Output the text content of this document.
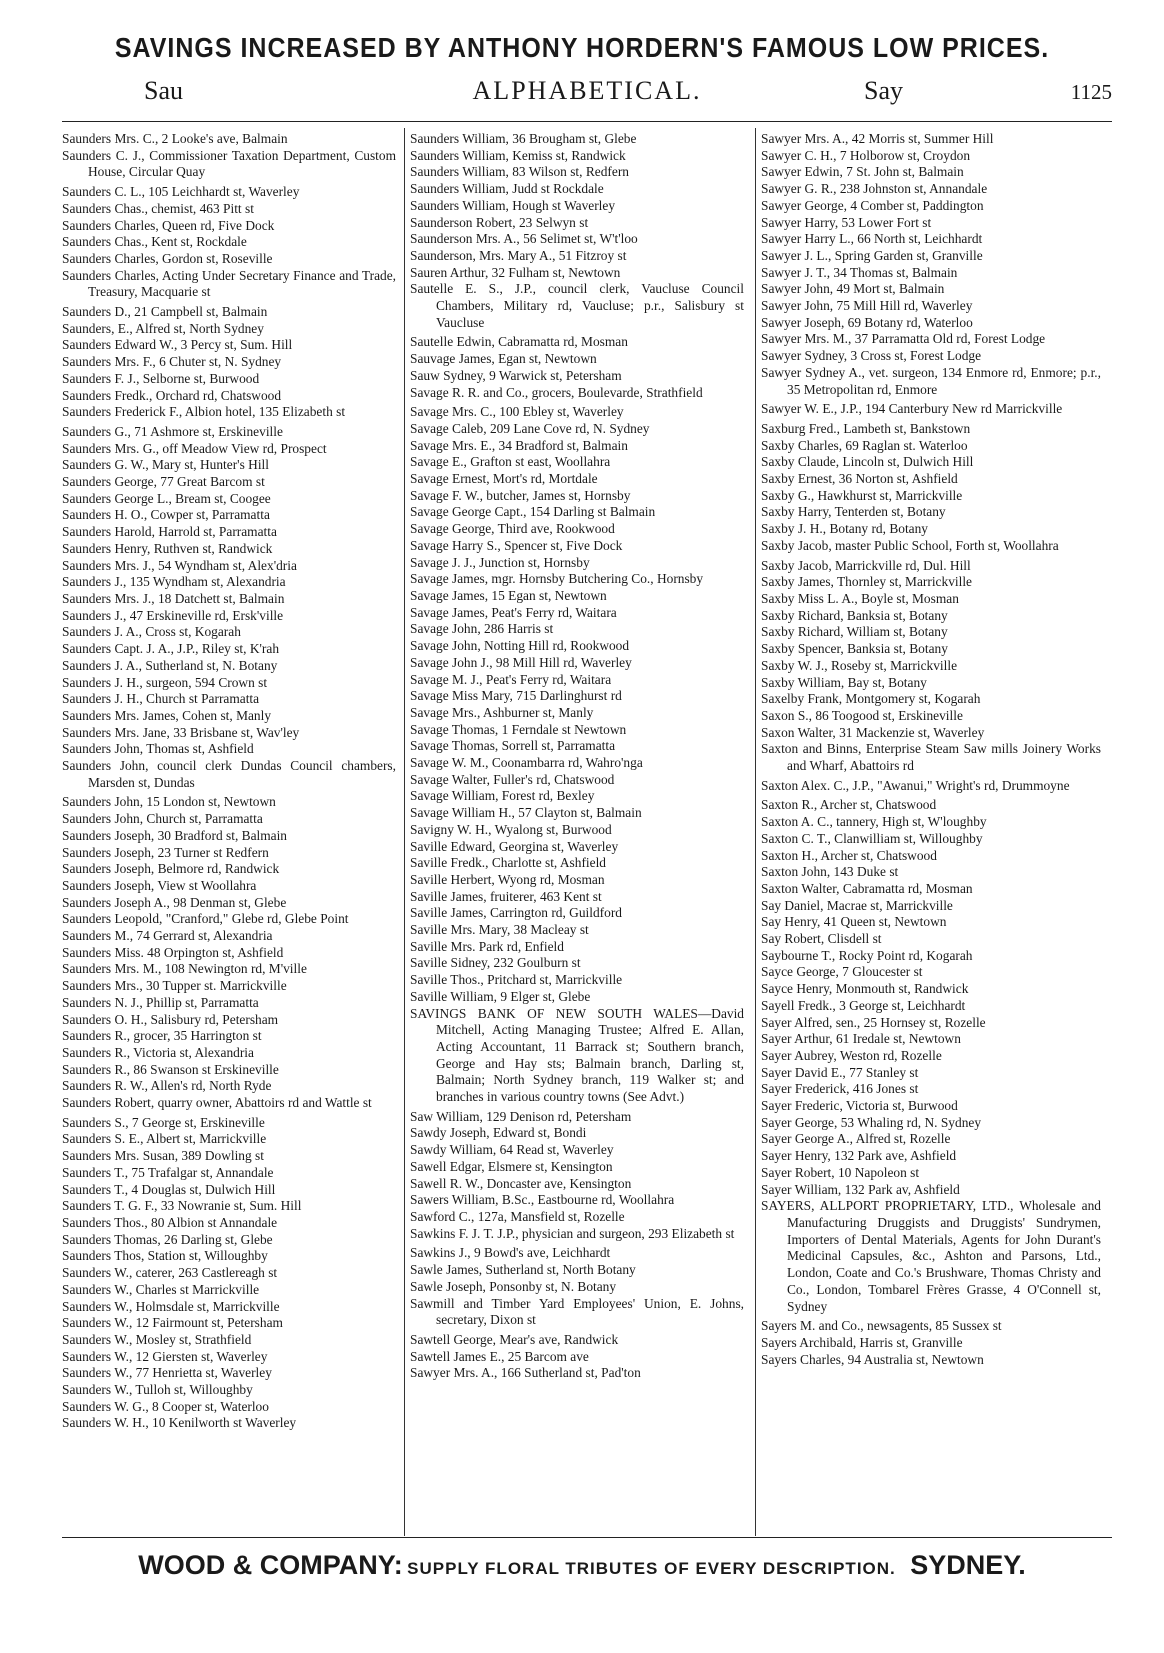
SAVINGS INCREASED BY ANTHONY HORDERN'S FAMOUS LOW PRICES.
Sau	ALPHABETICAL.	Say	1125
Saunders Mrs. C., 2 Looke's ave, Balmain
Saunders C. J., Commissioner Taxation Department, Custom House, Circular Quay
Saunders C. L., 105 Leichhardt st, Waverley
Saunders Chas., chemist, 463 Pitt st
Saunders Charles, Queen rd, Five Dock
Saunders Chas., Kent st, Rockdale
Saunders Charles, Gordon st, Roseville
Saunders Charles, Acting Under Secretary Finance and Trade, Treasury, Macquarie st
Saunders D., 21 Campbell st, Balmain
Saunders, E., Alfred st, North Sydney
Saunders Edward W., 3 Percy st, Sum. Hill
Saunders Mrs. F., 6 Chuter st, N. Sydney
Saunders F. J., Selborne st, Burwood
Saunders Fredk., Orchard rd, Chatswood
Saunders Frederick F., Albion hotel, 135 Elizabeth st
Saunders G., 71 Ashmore st, Erskineville
Saunders Mrs. G., off Meadow View rd, Prospect
Saunders G. W., Mary st, Hunter's Hill
Saunders George, 77 Great Barcom st
Saunders George L., Bream st, Coogee
Saunders H. O., Cowper st, Parramatta
Saunders Harold, Harrold st, Parramatta
Saunders Henry, Ruthven st, Randwick
Saunders Mrs. J., 54 Wyndham st, Alex'dria
Saunders J., 135 Wyndham st, Alexandria
Saunders Mrs. J., 18 Datchett st, Balmain
Saunders J., 47 Erskineville rd, Ersk'ville
Saunders J. A., Cross st, Kogarah
Saunders Capt. J. A., J.P., Riley st, K'rah
Saunders J. A., Sutherland st, N. Botany
Saunders J. H., surgeon, 594 Crown st
Saunders J. H., Church st Parramatta
Saunders Mrs. James, Cohen st, Manly
Saunders Mrs. Jane, 33 Brisbane st, Wav'ley
Saunders John, Thomas st, Ashfield
Saunders John, council clerk Dundas Council chambers, Marsden st, Dundas
Saunders John, 15 London st, Newtown
Saunders John, Church st, Parramatta
Saunders Joseph, 30 Bradford st, Balmain
Saunders Joseph, 23 Turner st Redfern
Saunders Joseph, Belmore rd, Randwick
Saunders Joseph, View st Woollahra
Saunders Joseph A., 98 Denman st, Glebe
Saunders Leopold, "Cranford," Glebe rd, Glebe Point
Saunders M., 74 Gerrard st, Alexandria
Saunders Miss. 48 Orpington st, Ashfield
Saunders Mrs. M., 108 Newington rd, M'ville
Saunders Mrs., 30 Tupper st. Marrickville
Saunders N. J., Phillip st, Parramatta
Saunders O. H., Salisbury rd, Petersham
Saunders R., grocer, 35 Harrington st
Saunders R., Victoria st, Alexandria
Saunders R., 86 Swanson st Erskineville
Saunders R. W., Allen's rd, North Ryde
Saunders Robert, quarry owner, Abattoirs rd and Wattle st
Saunders S., 7 George st, Erskineville
Saunders S. E., Albert st, Marrickville
Saunders Mrs. Susan, 389 Dowling st
Saunders T., 75 Trafalgar st, Annandale
Saunders T., 4 Douglas st, Dulwich Hill
Saunders T. G. F., 33 Nowranie st, Sum. Hill
Saunders Thos., 80 Albion st Annandale
Saunders Thomas, 26 Darling st, Glebe
Saunders Thos, Station st, Willoughby
Saunders W., caterer, 263 Castlereagh st
Saunders W., Charles st Marrickville
Saunders W., Holmsdale st, Marrickville
Saunders W., 12 Fairmount st, Petersham
Saunders W., Mosley st, Strathfield
Saunders W., 12 Giersten st, Waverley
Saunders W., 77 Henrietta st, Waverley
Saunders W., Tulloh st, Willoughby
Saunders W. G., 8 Cooper st, Waterloo
Saunders W. H., 10 Kenilworth st Waverley
Saunders William, 36 Brougham st, Glebe
Saunders William, Kemiss st, Randwick
Saunders William, 83 Wilson st, Redfern
Saunders William, Judd st Rockdale
Saunders William, Hough st Waverley
Saunderson Robert, 23 Selwyn st
Saunderson Mrs. A., 56 Selimet st, W't'loo
Saunderson, Mrs. Mary A., 51 Fitzroy st
Sauren Arthur, 32 Fulham st, Newtown
Sautelle E. S., J.P., council clerk, Vaucluse Council Chambers, Military rd, Vaucluse; p.r., Salisbury st Vaucluse
Sautelle Edwin, Cabramatta rd, Mosman
Sauvage James, Egan st, Newtown
Sauw Sydney, 9 Warwick st, Petersham
Savage R. R. and Co., grocers, Boulevarde, Strathfield
Savage Mrs. C., 100 Ebley st, Waverley
Savage Caleb, 209 Lane Cove rd, N. Sydney
Savage Mrs. E., 34 Bradford st, Balmain
Savage E., Grafton st east, Woollahra
Savage Ernest, Mort's rd, Mortdale
Savage F. W., butcher, James st, Hornsby
Savage George Capt., 154 Darling st Balmain
Savage George, Third ave, Rookwood
Savage Harry S., Spencer st, Five Dock
Savage J. J., Junction st, Hornsby
Savage James, mgr. Hornsby Butchering Co., Hornsby
Savage James, 15 Egan st, Newtown
Savage James, Peat's Ferry rd, Waitara
Savage John, 286 Harris st
Savage John, Notting Hill rd, Rookwood
Savage John J., 98 Mill Hill rd, Waverley
Savage M. J., Peat's Ferry rd, Waitara
Savage Miss Mary, 715 Darlinghurst rd
Savage Mrs., Ashburner st, Manly
Savage Thomas, 1 Ferndale st Newtown
Savage Thomas, Sorrell st, Parramatta
Savage W. M., Coonambarra rd, Wahro'nga
Savage Walter, Fuller's rd, Chatswood
Savage William, Forest rd, Bexley
Savage William H., 57 Clayton st, Balmain
Savigny W. H., Wyalong st, Burwood
Saville Edward, Georgina st, Waverley
Saville Fredk., Charlotte st, Ashfield
Saville Herbert, Wyong rd, Mosman
Saville James, fruiterer, 463 Kent st
Saville James, Carrington rd, Guildford
Saville Mrs. Mary, 38 Macleay st
Saville Mrs. Park rd, Enfield
Saville Sidney, 232 Goulburn st
Saville Thos., Pritchard st, Marrickville
Saville William, 9 Elger st, Glebe
SAVINGS BANK OF NEW SOUTH WALES—David Mitchell, Acting Managing Trustee; Alfred E. Allan, Acting Accountant, 11 Barrack st; Southern branch, George and Hay sts; Balmain branch, Darling st, Balmain; North Sydney branch, 119 Walker st; and branches in various country towns (See Advt.)
Saw William, 129 Denison rd, Petersham
Sawdy Joseph, Edward st, Bondi
Sawdy William, 64 Read st, Waverley
Sawell Edgar, Elsmere st, Kensington
Sawell R. W., Doncaster ave, Kensington
Sawers William, B.Sc., Eastbourne rd, Woollahra
Sawford C., 127a, Mansfield st, Rozelle
Sawkins F. J. T. J.P., physician and surgeon, 293 Elizabeth st
Sawkins J., 9 Bowd's ave, Leichhardt
Sawle James, Sutherland st, North Botany
Sawle Joseph, Ponsonby st, N. Botany
Sawmill and Timber Yard Employees' Union, E. Johns, secretary, Dixon st
Sawtell George, Mear's ave, Randwick
Sawtell James E., 25 Barcom ave
Sawyer Mrs. A., 166 Sutherland st, Pad'ton
Sawyer Mrs. A., 42 Morris st, Summer Hill
Sawyer C. H., 7 Holborow st, Croydon
Sawyer Edwin, 7 St. John st, Balmain
Sawyer G. R., 238 Johnston st, Annandale
Sawyer George, 4 Comber st, Paddington
Sawyer Harry, 53 Lower Fort st
Sawyer Harry L., 66 North st, Leichhardt
Sawyer J. L., Spring Garden st, Granville
Sawyer J. T., 34 Thomas st, Balmain
Sawyer John, 49 Mort st, Balmain
Sawyer John, 75 Mill Hill rd, Waverley
Sawyer Joseph, 69 Botany rd, Waterloo
Sawyer Mrs. M., 37 Parramatta Old rd, Forest Lodge
Sawyer Sydney, 3 Cross st, Forest Lodge
Sawyer Sydney A., vet. surgeon, 134 Enmore rd, Enmore; p.r., 35 Metropolitan rd, Enmore
Sawyer W. E., J.P., 194 Canterbury New rd Marrickville
Saxburg Fred., Lambeth st, Bankstown
Saxby Charles, 69 Raglan st. Waterloo
Saxby Claude, Lincoln st, Dulwich Hill
Saxby Ernest, 36 Norton st, Ashfield
Saxby G., Hawkhurst st, Marrickville
Saxby Harry, Tenterden st, Botany
Saxby J. H., Botany rd, Botany
Saxby Jacob, master Public School, Forth st, Woollahra
Saxby Jacob, Marrickville rd, Dul. Hill
Saxby James, Thornley st, Marrickville
Saxby Miss L. A., Boyle st, Mosman
Saxby Richard, Banksia st, Botany
Saxby Richard, William st, Botany
Saxby Spencer, Banksia st, Botany
Saxby W. J., Roseby st, Marrickville
Saxby William, Bay st, Botany
Saxelby Frank, Montgomery st, Kogarah
Saxon S., 86 Toogood st, Erskineville
Saxon Walter, 31 Mackenzie st, Waverley
Saxton and Binns, Enterprise Steam Saw mills Joinery Works and Wharf, Abattoirs rd
Saxton Alex. C., J.P., "Awanui," Wright's rd, Drummoyne
Saxton R., Archer st, Chatswood
Saxton A. C., tannery, High st, W'loughby
Saxton C. T., Clanwilliam st, Willoughby
Saxton H., Archer st, Chatswood
Saxton John, 143 Duke st
Saxton Walter, Cabramatta rd, Mosman
Say Daniel, Macrae st, Marrickville
Say Henry, 41 Queen st, Newtown
Say Robert, Clisdell st
Saybourne T., Rocky Point rd, Kogarah
Sayce George, 7 Gloucester st
Sayce Henry, Monmouth st, Randwick
Sayell Fredk., 3 George st, Leichhardt
Sayer Alfred, sen., 25 Hornsey st, Rozelle
Sayer Arthur, 61 Iredale st, Newtown
Sayer Aubrey, Weston rd, Rozelle
Sayer David E., 77 Stanley st
Sayer Frederick, 416 Jones st
Sayer Frederic, Victoria st, Burwood
Sayer George, 53 Whaling rd, N. Sydney
Sayer George A., Alfred st, Rozelle
Sayer Henry, 132 Park ave, Ashfield
Sayer Robert, 10 Napoleon st
Sayer William, 132 Park av, Ashfield
SAYERS, ALLPORT PROPRIETARY, LTD., Wholesale and Manufacturing Druggists and Druggists' Sundrymen, Importers of Dental Materials, Agents for John Durant's Medicinal Capsules, &c., Ashton and Parsons, Ltd., London, Coate and Co.'s Brushware, Thomas Christy and Co., London, Tombarel Frères Grasse, 4 O'Connell st, Sydney
Sayers M. and Co., newsagents, 85 Sussex st
Sayers Archibald, Harris st, Granville
Sayers Charles, 94 Australia st, Newtown
WOOD & COMPANY: SUPPLY FLORAL TRIBUTES OF EVERY DESCRIPTION. SYDNEY.
